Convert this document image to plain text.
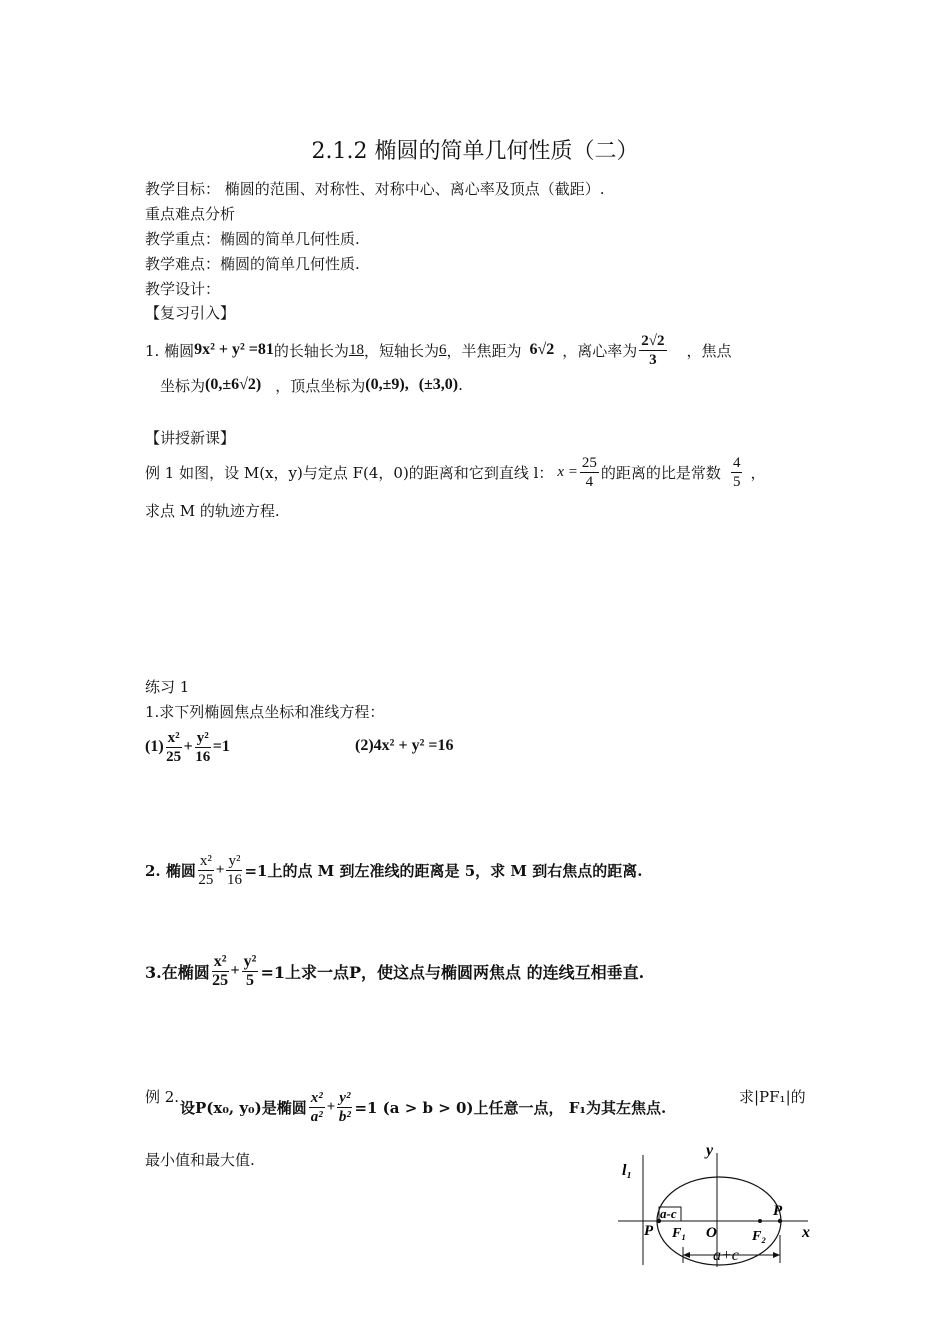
2.1.2 椭圆的简单几何性质（二）
教学目标： 椭圆的范围、对称性、对称中心、离心率及顶点（截距）.
重点难点分析
教学重点：椭圆的简单几何性质.
教学难点：椭圆的简单几何性质.
教学设计：
【复习引入】
1. 椭圆 9x² + y² =81 的长轴长为 18 ，短轴长为 6 ，半焦距为 6√2 ，离心率为 $\frac{2√2}{3}$ ，焦点
坐标为 (0,±6√2) ，顶点坐标为 (0,±9) , (±3,0) .
【讲授新课】
例 1 如图，设 M(x，y)与定点 F(4，0)的距离和它到直线 l： $x = \frac{25}{4}$ 的距离的比是常数 $\frac{4}{5}$ ，
求点 M 的轨迹方程.
练习 1
1.求下列椭圆焦点坐标和准线方程：
$(1) \frac{\text{x²}}{25} + \frac{\text{y²}}{16} =1$	(2)4x² + y² =16
2. 椭圆 $\frac{\text{x²}}{25} + \frac{\text{y²}}{16} =1$上的点 M 到左准线的距离是 5，求 M 到右焦点的距离.
3.在椭圆 $\frac{\text{x²}}{25} + \frac{\text{y²}}{5} =1$上求一点P，使这点与椭圆两焦点 的连线互相垂直.
例 2.
设P(x₀, y₀)是椭圆 $\frac{\text{x²}}{\text{a²}} + \frac{\text{y²}}{\text{b²}} =1$ (a > b > 0)上任意一点， F₁为其左焦点.
求|PF₁|的
最小值和最大值.
y
x
l₁
P
P
a-c
F₁ O	F₂
a+c
